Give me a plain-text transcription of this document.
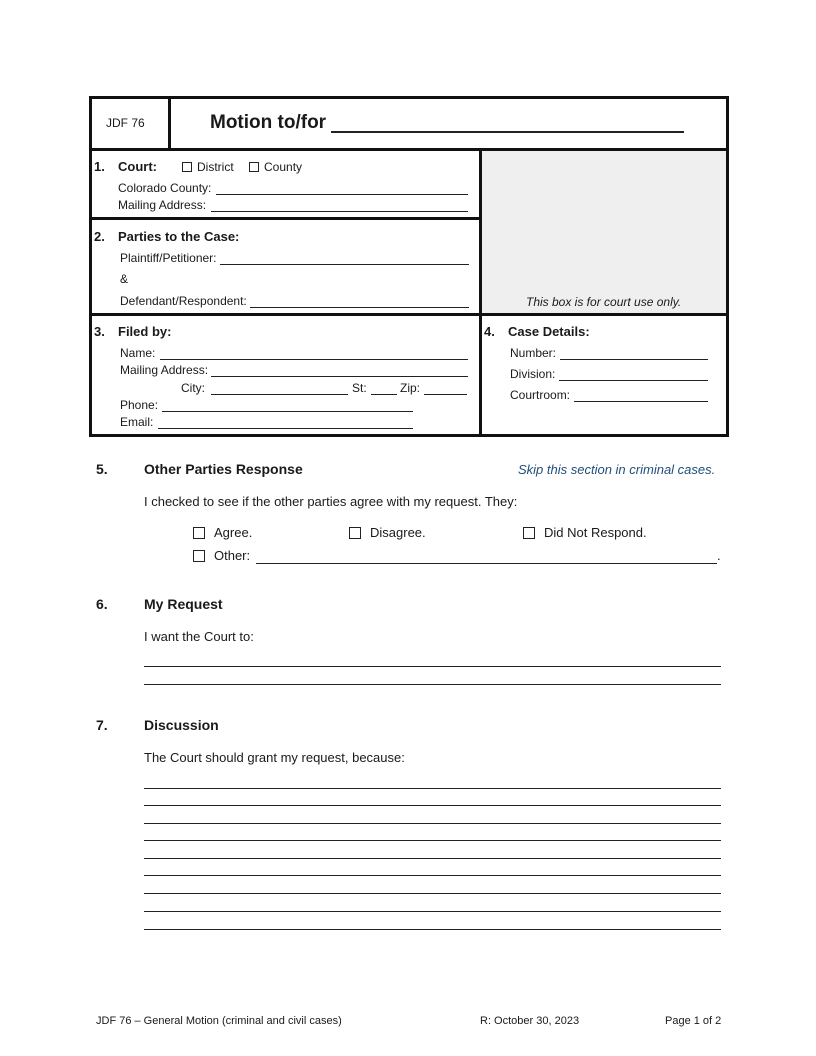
JDF 76	Motion to/for
1. Court:	District	County
Colorado County:
Mailing Address:
2. Parties to the Case:
Plaintiff/Petitioner:
&
Defendant/Respondent:	This box is for court use only.
3. Filed by:
Name:
Mailing Address:
City:	St:	Zip:
Phone:
Email:
4. Case Details:
Number:
Division:
Courtroom:
5.	Other Parties Response	Skip this section in criminal cases.
I checked to see if the other parties agree with my request. They:
Agree.	Disagree.	Did Not Respond.
Other:	.
6.	My Request
I want the Court to:
7.	Discussion
The Court should grant my request, because:
JDF 76 – General Motion (criminal and civil cases)	R: October 30, 2023	Page 1 of 2
